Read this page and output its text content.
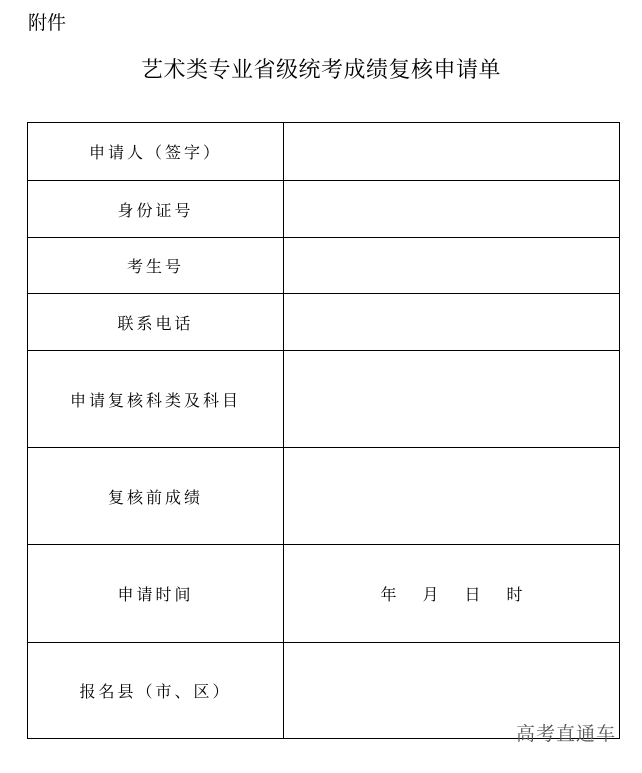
附件
艺术类专业省级统考成绩复核申请单
申请人（签字）	
身份证号	
考生号	
联系电话	
申请复核科类及科目	
复核前成绩	
申请时间	年 月 日 时

报名县（市、区）	
高考直通车
